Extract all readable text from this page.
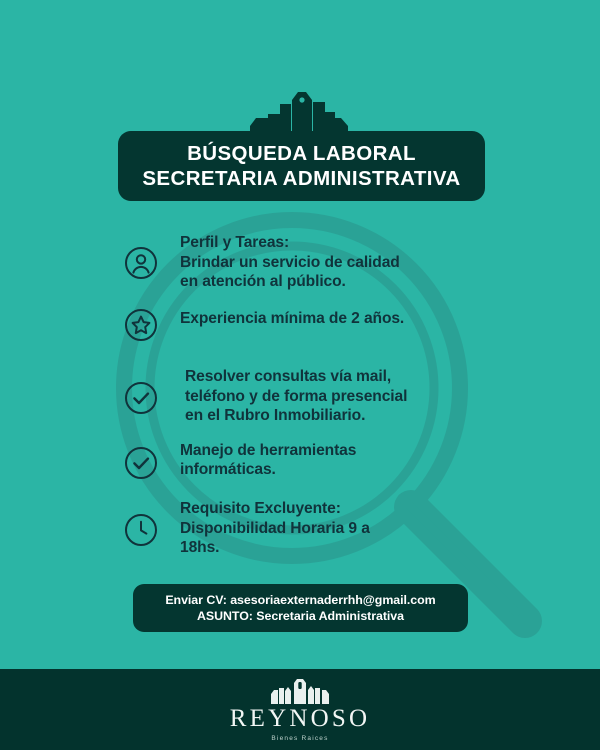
BÚSQUEDA LABORAL
SECRETARIA ADMINISTRATIVA
Perfil y Tareas:
Brindar un servicio de calidad
en atención al público.
Experiencia mínima de 2 años.
Resolver consultas vía mail,
teléfono y de forma presencial
en el Rubro Inmobiliario.
Manejo de herramientas
informáticas.
Requisito Excluyente:
Disponibilidad Horaria 9 a
18hs.
Enviar CV: asesoriaexternaderrhh@gmail.com
ASUNTO: Secretaria Administrativa
REYNOSO
Bienes Raices
